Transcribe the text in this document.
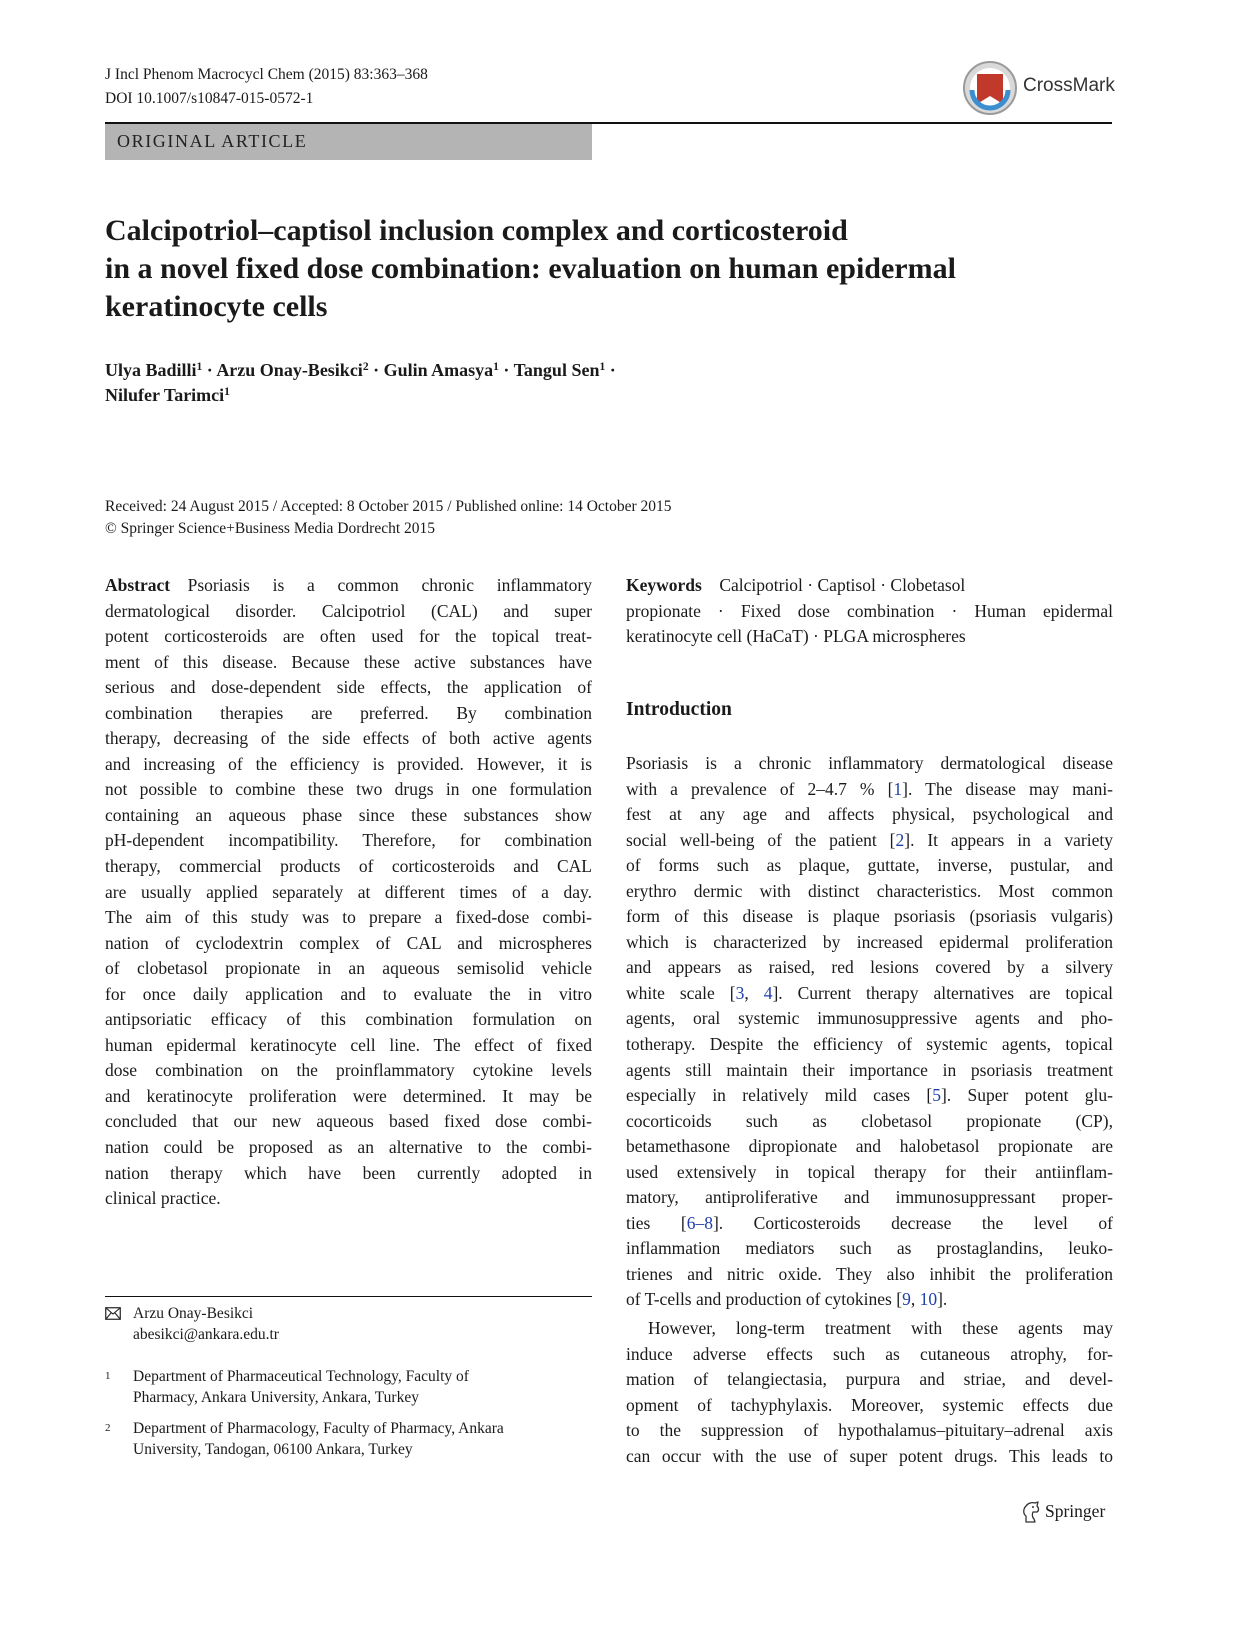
J Incl Phenom Macrocycl Chem (2015) 83:363–368
DOI 10.1007/s10847-015-0572-1
CrossMark
ORIGINAL ARTICLE
Calcipotriol–captisol inclusion complex and corticosteroid
in a novel fixed dose combination: evaluation on human epidermal
keratinocyte cells
Ulya Badilli$^1$ · Arzu Onay-Besikci$^2$ · Gulin Amasya$^1$ · Tangul Sen$^1$ ·
Nilufer Tarimci$^1$
Received: 24 August 2015 / Accepted: 8 October 2015 / Published online: 14 October 2015
© Springer Science+Business Media Dordrecht 2015
Abstract   Psoriasis is a common chronic inflammatory
dermatological disorder. Calcipotriol (CAL) and super
potent corticosteroids are often used for the topical treat-
ment of this disease. Because these active substances have
serious and dose-dependent side effects, the application of
combination therapies are preferred. By combination
therapy, decreasing of the side effects of both active agents
and increasing of the efficiency is provided. However, it is
not possible to combine these two drugs in one formulation
containing an aqueous phase since these substances show
pH-dependent incompatibility. Therefore, for combination
therapy, commercial products of corticosteroids and CAL
are usually applied separately at different times of a day.
The aim of this study was to prepare a fixed-dose combi-
nation of cyclodextrin complex of CAL and microspheres
of clobetasol propionate in an aqueous semisolid vehicle
for once daily application and to evaluate the in vitro
antipsoriatic efficacy of this combination formulation on
human epidermal keratinocyte cell line. The effect of fixed
dose combination on the proinflammatory cytokine levels
and keratinocyte proliferation were determined. It may be
concluded that our new aqueous based fixed dose combi-
nation could be proposed as an alternative to the combi-
nation therapy which have been currently adopted in
clinical practice.
Keywords   Calcipotriol · Captisol · Clobetasol
propionate · Fixed dose combination · Human epidermal
keratinocyte cell (HaCaT) · PLGA microspheres
Introduction
Psoriasis is a chronic inflammatory dermatological disease
with a prevalence of 2–4.7 % [1]. The disease may mani-
fest at any age and affects physical, psychological and
social well-being of the patient [2]. It appears in a variety
of forms such as plaque, guttate, inverse, pustular, and
erythro dermic with distinct characteristics. Most common
form of this disease is plaque psoriasis (psoriasis vulgaris)
which is characterized by increased epidermal proliferation
and appears as raised, red lesions covered by a silvery
white scale [3, 4]. Current therapy alternatives are topical
agents, oral systemic immunosuppressive agents and pho-
totherapy. Despite the efficiency of systemic agents, topical
agents still maintain their importance in psoriasis treatment
especially in relatively mild cases [5]. Super potent glu-
cocorticoids such as clobetasol propionate (CP),
betamethasone dipropionate and halobetasol propionate are
used extensively in topical therapy for their antiinflam-
matory, antiproliferative and immunosuppressant proper-
ties [6–8]. Corticosteroids decrease the level of
inflammation mediators such as prostaglandins, leuko-
trienes and nitric oxide. They also inhibit the proliferation
of T-cells and production of cytokines [9, 10].
However, long-term treatment with these agents may
induce adverse effects such as cutaneous atrophy, for-
mation of telangiectasia, purpura and striae, and devel-
opment of tachyphylaxis. Moreover, systemic effects due
to the suppression of hypothalamus–pituitary–adrenal axis
can occur with the use of super potent drugs. This leads to
Arzu Onay-Besikci
abesikci@ankara.edu.tr
1 Department of Pharmaceutical Technology, Faculty of
Pharmacy, Ankara University, Ankara, Turkey
2 Department of Pharmacology, Faculty of Pharmacy, Ankara
University, Tandogan, 06100 Ankara, Turkey
Springer
